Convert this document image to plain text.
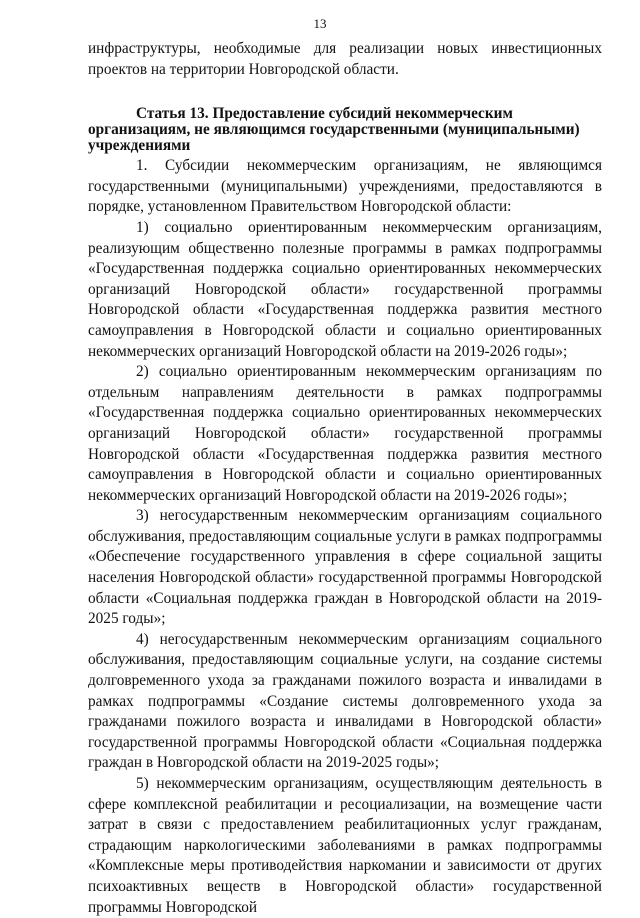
13

инфраструктуры, необходимые для реализации новых инвестиционных проектов на территории Новгородской области.

Статья 13. Предоставление субсидий некоммерческим организациям, не являющимся государственными (муниципальными) учреждениями

1. Субсидии некоммерческим организациям, не являющимся государственными (муниципальными) учреждениями, предоставляются в порядке, установленном Правительством Новгородской области:

1) социально ориентированным некоммерческим организациям, реализующим общественно полезные программы в рамках подпрограммы «Государственная поддержка социально ориентированных некоммерческих организаций Новгородской области» государственной программы Новгородской области «Государственная поддержка развития местного самоуправления в Новгородской области и социально ориентированных некоммерческих организаций Новгородской области на 2019-2026 годы»;

2) социально ориентированным некоммерческим организациям по отдельным направлениям деятельности в рамках подпрограммы «Государственная поддержка социально ориентированных некоммерческих организаций Новгородской области» государственной программы Новгородской области «Государственная поддержка развития местного самоуправления в Новгородской области и социально ориентированных некоммерческих организаций Новгородской области на 2019-2026 годы»;

3) негосударственным некоммерческим организациям социального обслуживания, предоставляющим социальные услуги в рамках подпрограммы «Обеспечение государственного управления в сфере социальной защиты населения Новгородской области» государственной программы Новгородской области «Социальная поддержка граждан в Новгородской области на 2019-2025 годы»;

4) негосударственным некоммерческим организациям социального обслуживания, предоставляющим социальные услуги, на создание системы долговременного ухода за гражданами пожилого возраста и инвалидами в рамках подпрограммы «Создание системы долговременного ухода за гражданами пожилого возраста и инвалидами в Новгородской области» государственной программы Новгородской области «Социальная поддержка граждан в Новгородской области на 2019-2025 годы»;

5) некоммерческим организациям, осуществляющим деятельность в сфере комплексной реабилитации и ресоциализации, на возмещение части затрат в связи с предоставлением реабилитационных услуг гражданам, страдающим наркологическими заболеваниями в рамках подпрограммы «Комплексные меры противодействия наркомании и зависимости от других психоактивных веществ в Новгородской области» государственной программы Новгородской
